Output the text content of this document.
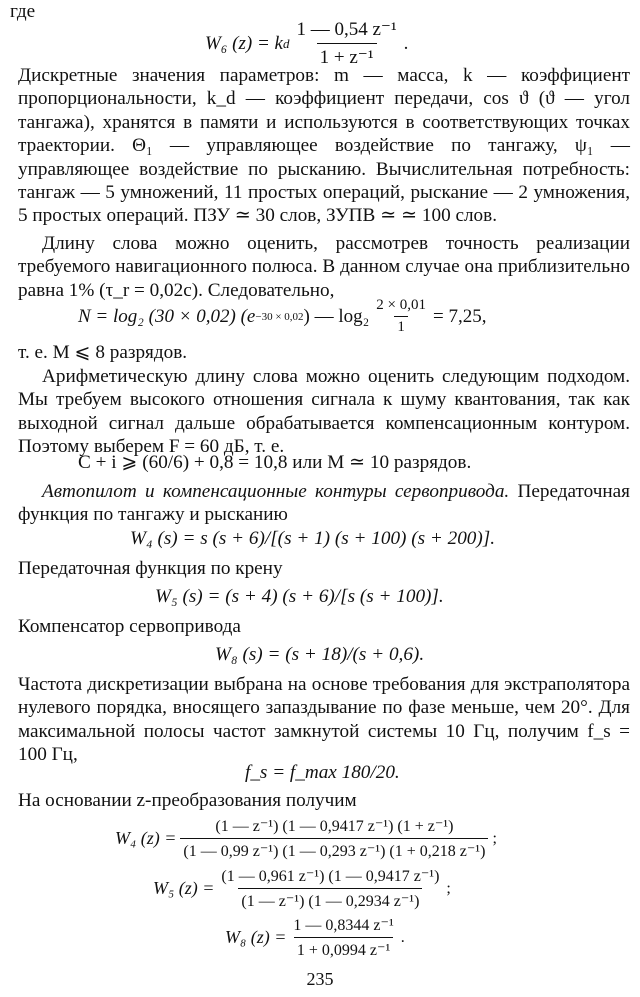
где
W₆ (z) = k d $\frac{\text{1 — 0,54 z⁻¹}}{\text{1 + z⁻¹}}$ .
Дискретные значения параметров: m — масса, k — коэффициент пропорциональности, k_d — коэффициент передачи, cos ϑ (ϑ — угол тангажа), хранятся в памяти и используются в соответствующих точках траектории. Θ₁ — управляющее воздействие по тангажу, ψ₁ — управляющее воздействие по рысканию. Вычислительная потребность: тангаж — 5 умножений, 11 простых операций, рыскание — 2 умножения, 5 простых операций. ПЗУ ≃ 30 слов, ЗУПВ ≃ ≃ 100 слов.
Длину слова можно оценить, рассмотрев точность реализации требуемого навигационного полюса. В данном случае она приблизительно равна 1% (τ_r = 0,02с). Следовательно,
N = log₂ (30 × 0,02) (e −30 × 0,02 ) — $\log_2 \frac{2 \times 0,01}{1} = 7,25$,
т. е. M ⩽ 8 разрядов.
Арифметическую длину слова можно оценить следующим подходом. Мы требуем высокого отношения сигнала к шуму квантования, так как выходной сигнал дальше обрабатывается компенсационным контуром. Поэтому выберем F = 60 дБ, т. е.
C + i ⩾ (60/6) + 0,8 = 10,8 или M ≃ 10 разрядов.
Автопилот и компенсационные контуры сервопривода. Передаточная функция по тангажу и рысканию
W₄ (s) = s (s + 6)/[(s + 1) (s + 100) (s + 200)].
Передаточная функция по крену
W₅ (s) = (s + 4) (s + 6)/[s (s + 100)].
Компенсатор сервопривода
W₈ (s) = (s + 18)/(s + 0,6).
Частота дискретизации выбрана на основе требования для экстраполятора нулевого порядка, вносящего запаздывание по фазе меньше, чем 20°. Для максимальной полосы частот замкнутой системы 10 Гц, получим f_s = 100 Гц,
f_s = f_max 180/20.
На основании z-преобразования получим
W₄ $(z) = \frac{\text{(1 — z⁻¹) (1 — 0,9417 z⁻¹) (1 + z⁻¹)}}{\text{(1 — 0,99 z⁻¹) (1 — 0,293 z⁻¹) (1 + 0,218 z⁻¹)}}$ ;
W₅ $(z) = \frac{\text{(1 — 0,961 z⁻¹) (1 — 0,9417 z⁻¹)}}{\text{(1 — z⁻¹) (1 — 0,2934 z⁻¹)}}$ ;
W₈ $(z) = \frac{\text{1 — 0,8344 z⁻¹}}{\text{1 + 0,0994 z⁻¹}}$ .
235
